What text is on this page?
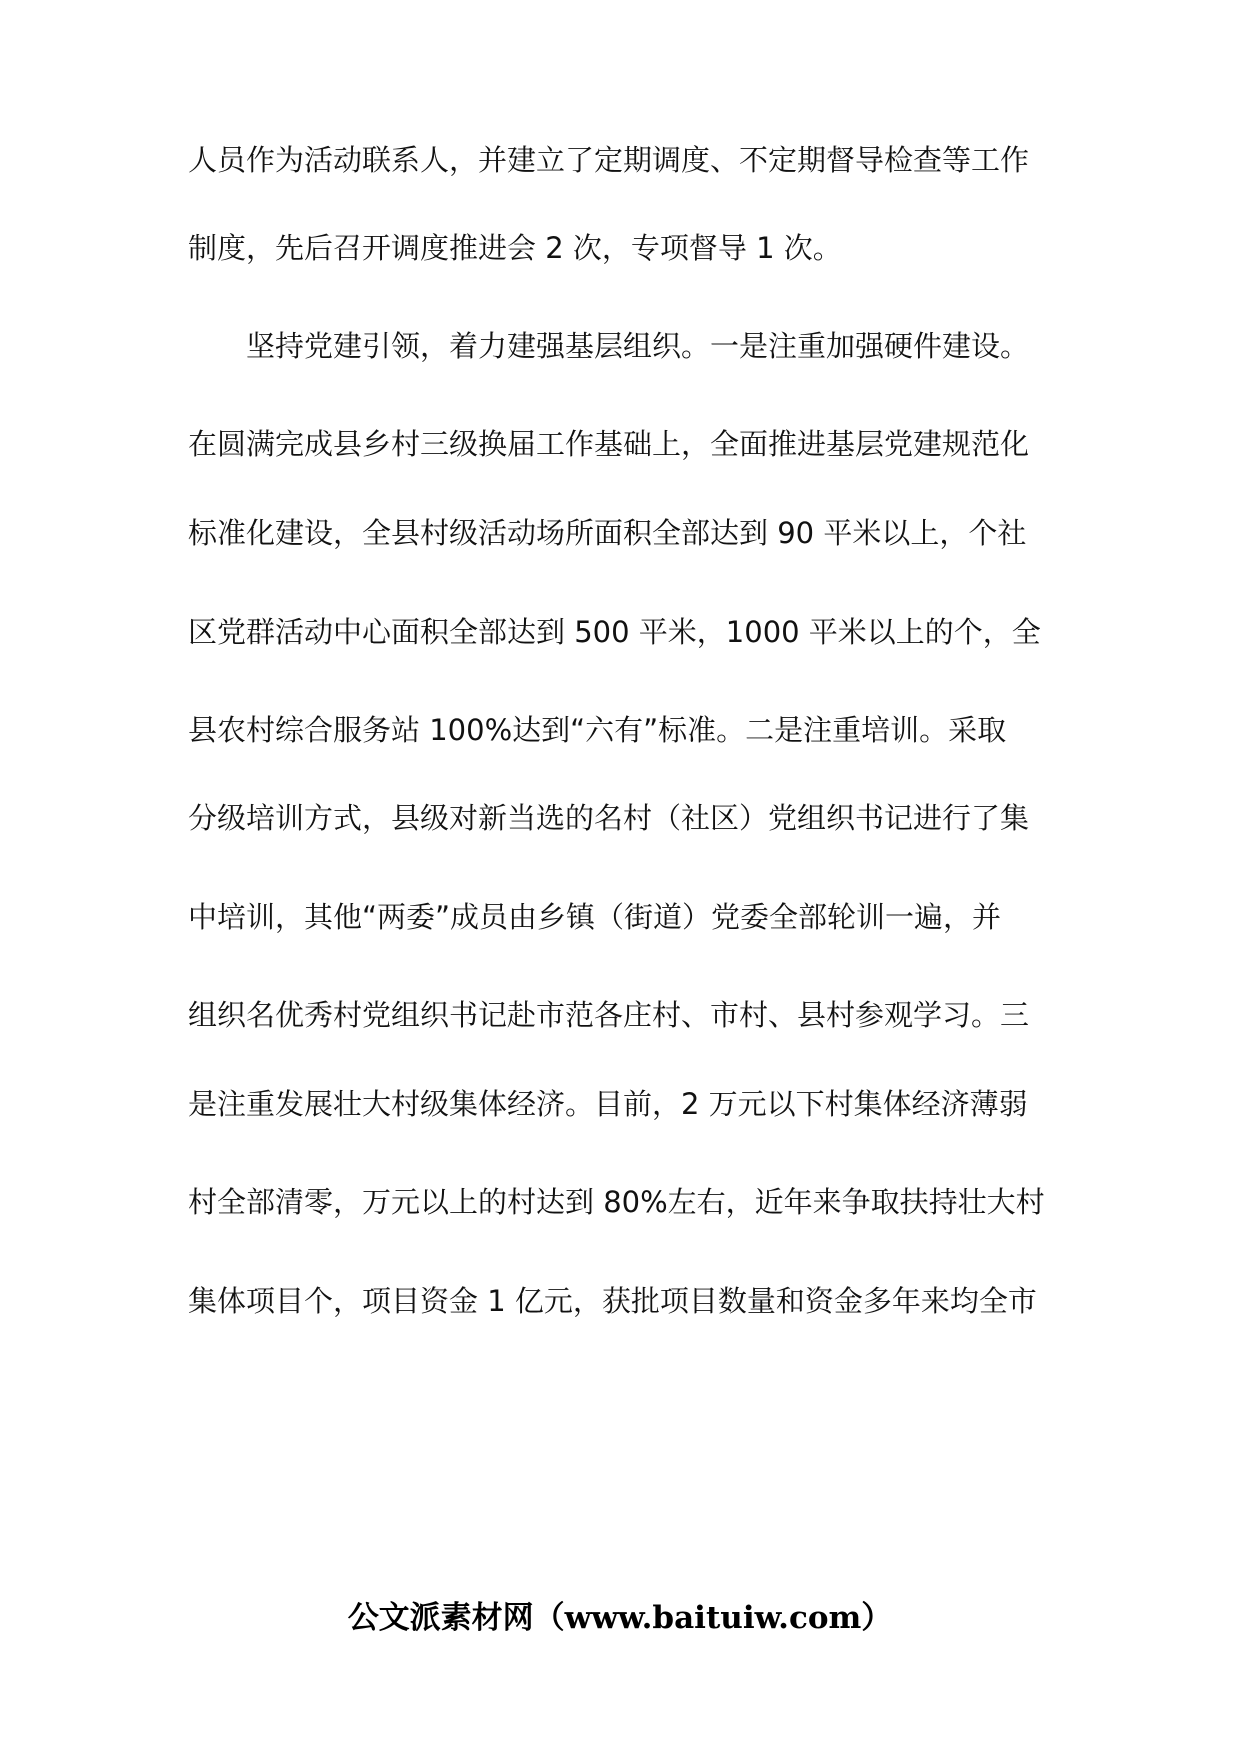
人员作为活动联系人，并建立了定期调度、不定期督导检查等工作
制度，先后召开调度推进会 2 次，专项督导 1 次。
坚持党建引领，着力建强基层组织。一是注重加强硬件建设。
在圆满完成县乡村三级换届工作基础上，全面推进基层党建规范化
标准化建设，全县村级活动场所面积全部达到 90 平米以上，个社
区党群活动中心面积全部达到 500 平米，1000 平米以上的个，全
县农村综合服务站 100%达到“六有”标准。二是注重培训。采取
分级培训方式，县级对新当选的名村（社区）党组织书记进行了集
中培训，其他“两委”成员由乡镇（街道）党委全部轮训一遍，并
组织名优秀村党组织书记赴市范各庄村、市村、县村参观学习。三
是注重发展壮大村级集体经济。目前，2 万元以下村集体经济薄弱
村全部清零，万元以上的村达到 80%左右，近年来争取扶持壮大村
集体项目个，项目资金 1 亿元，获批项目数量和资金多年来均全市
公文派素材网（www.baituiw.com）
